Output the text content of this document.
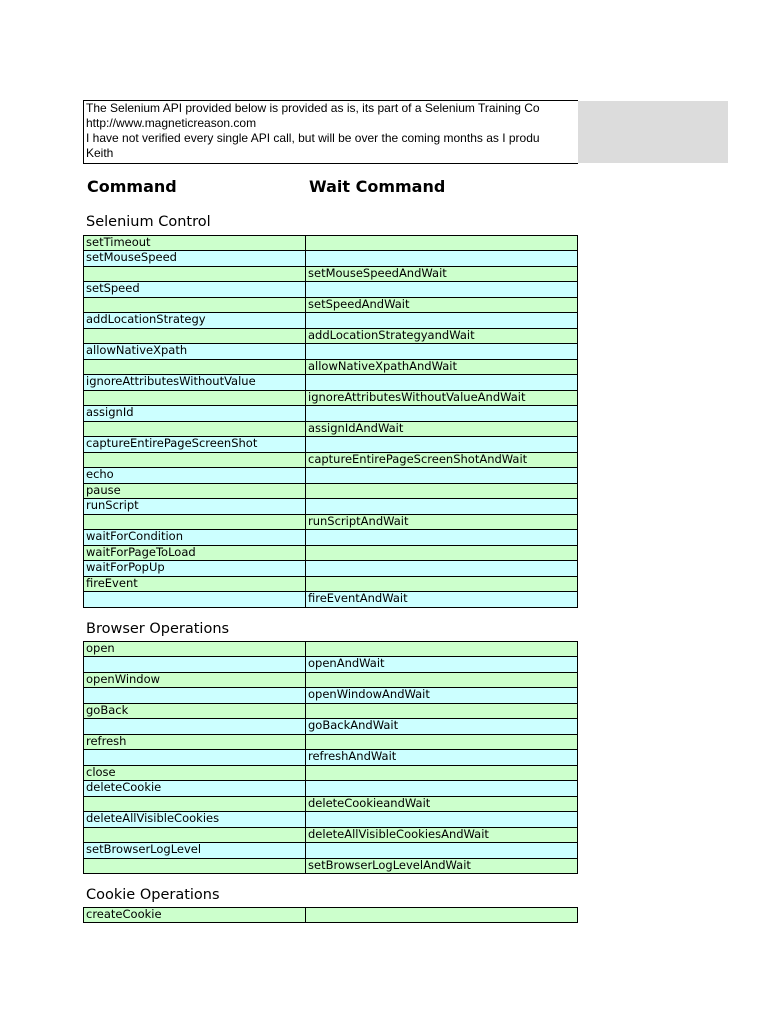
The Selenium API provided below is provided as is, its part of a Selenium Training Co
http://www.magneticreason.com
I have not verified every single API call, but will be over the coming months as I produ
Keith
Command	Wait Command
Selenium Control
setTimeout
setMouseSpeed
setMouseSpeedAndWait
setSpeed
setSpeedAndWait
addLocationStrategy
addLocationStrategyandWait
allowNativeXpath
allowNativeXpathAndWait
ignoreAttributesWithoutValue
ignoreAttributesWithoutValueAndWait
assignId
assignIdAndWait
captureEntirePageScreenShot
captureEntirePageScreenShotAndWait
echo
pause
runScript
runScriptAndWait
waitForCondition
waitForPageToLoad
waitForPopUp
fireEvent
fireEventAndWait
Browser Operations
open
openAndWait
openWindow
openWindowAndWait
goBack
goBackAndWait
refresh
refreshAndWait
close
deleteCookie
deleteCookieandWait
deleteAllVisibleCookies
deleteAllVisibleCookiesAndWait
setBrowserLogLevel
setBrowserLogLevelAndWait
Cookie Operations
createCookie
